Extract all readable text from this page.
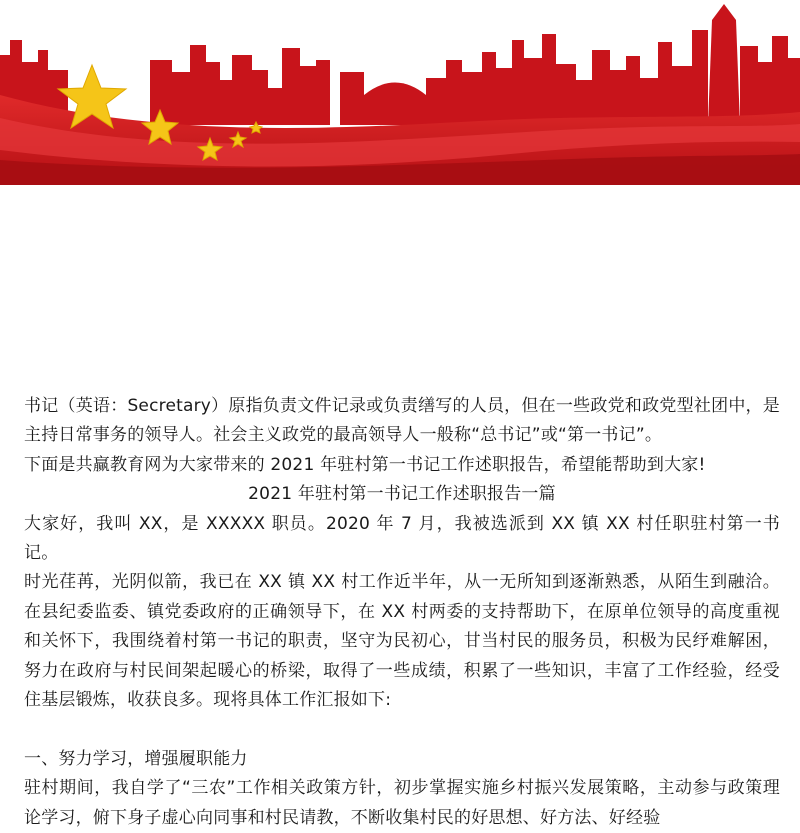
书记（英语：Secretary）原指负责文件记录或负责缮写的人员，但在一些政党和政党型社团中，是主持日常事务的领导人。社会主义政党的最高领导人一般称“总书记”或“第一书记”。

下面是共赢教育网为大家带来的 2021 年驻村第一书记工作述职报告，希望能帮助到大家!

2021 年驻村第一书记工作述职报告一篇

大家好，我叫 XX，是 XXXXX 职员。2020 年 7 月，我被选派到 XX 镇 XX 村任职驻村第一书记。

时光荏苒，光阴似箭，我已在 XX 镇 XX 村工作近半年，从一无所知到逐渐熟悉，从陌生到融洽。在县纪委监委、镇党委政府的正确领导下，在 XX 村两委的支持帮助下，在原单位领导的高度重视和关怀下，我围绕着村第一书记的职责，坚守为民初心，甘当村民的服务员，积极为民纾难解困，努力在政府与村民间架起暖心的桥梁，取得了一些成绩，积累了一些知识，丰富了工作经验，经受住基层锻炼，收获良多。现将具体工作汇报如下:

一、努力学习，增强履职能力

驻村期间，我自学了“三农”工作相关政策方针，初步掌握实施乡村振兴发展策略，主动参与政策理论学习，俯下身子虚心向同事和村民请教，不断收集村民的好思想、好方法、好经验
